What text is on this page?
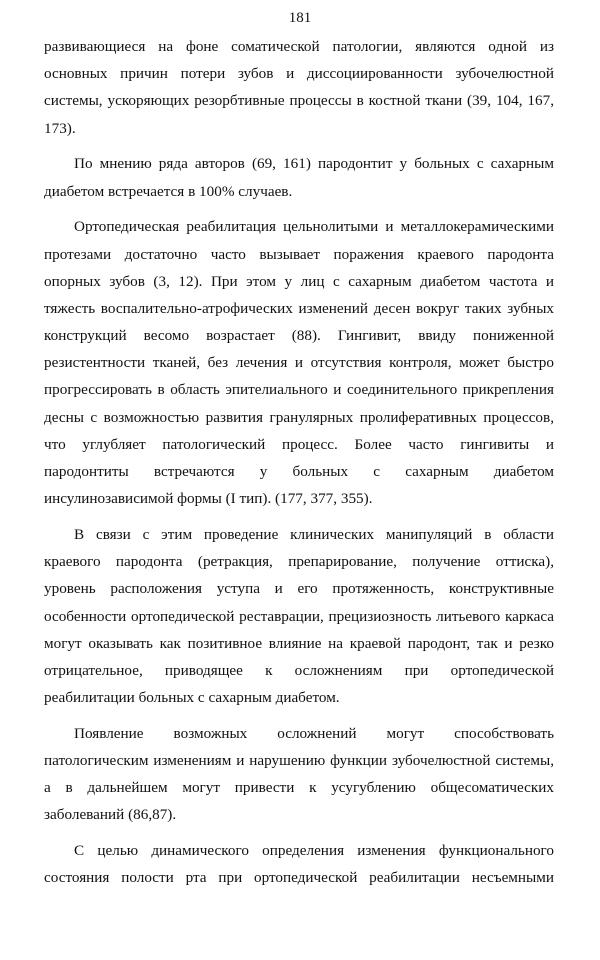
181
развивающиеся на фоне соматической патологии, являются одной из
основных причин потери зубов и диссоциированности зубочелюстной
системы, ускоряющих резорбтивные процессы в костной ткани (39, 104, 167,
173).
По мнению ряда авторов (69, 161) пародонтит у больных с сахарным
диабетом встречается в 100% случаев.
Ортопедическая реабилитация цельнолитыми и металлокерамическими
протезами достаточно часто вызывает поражения краевого пародонта
опорных зубов (3, 12). При этом у лиц с сахарным диабетом частота и
тяжесть воспалительно-атрофических изменений десен вокруг таких зубных
конструкций весомо возрастает (88). Гингивит, ввиду пониженной
резистентности тканей, без лечения и отсутствия контроля, может быстро
прогрессировать в область эпителиального и соединительного прикрепления
десны с возможностью развития гранулярных пролиферативных процессов,
что углубляет патологический процесс. Более часто гингивиты и
пародонтиты встречаются у больных с сахарным диабетом
инсулинозависимой формы (I тип). (177, 377, 355).
В связи с этим проведение клинических манипуляций в области
краевого пародонта (ретракция, препарирование, получение оттиска),
уровень расположения уступа и его протяженность, конструктивные
особенности ортопедической реставрации, прецизиозность литьевого каркаса
могут оказывать как позитивное влияние на краевой пародонт, так и резко
отрицательное, приводящее к осложнениям при ортопедической
реабилитации больных с сахарным диабетом.
Появление возможных осложнений могут способствовать
патологическим изменениям и нарушению функции зубочелюстной системы,
а в дальнейшем могут привести к усугублению общесоматических
заболеваний (86,87).
С целью динамического определения изменения функционального
состояния полости рта при ортопедической реабилитации несъемными
